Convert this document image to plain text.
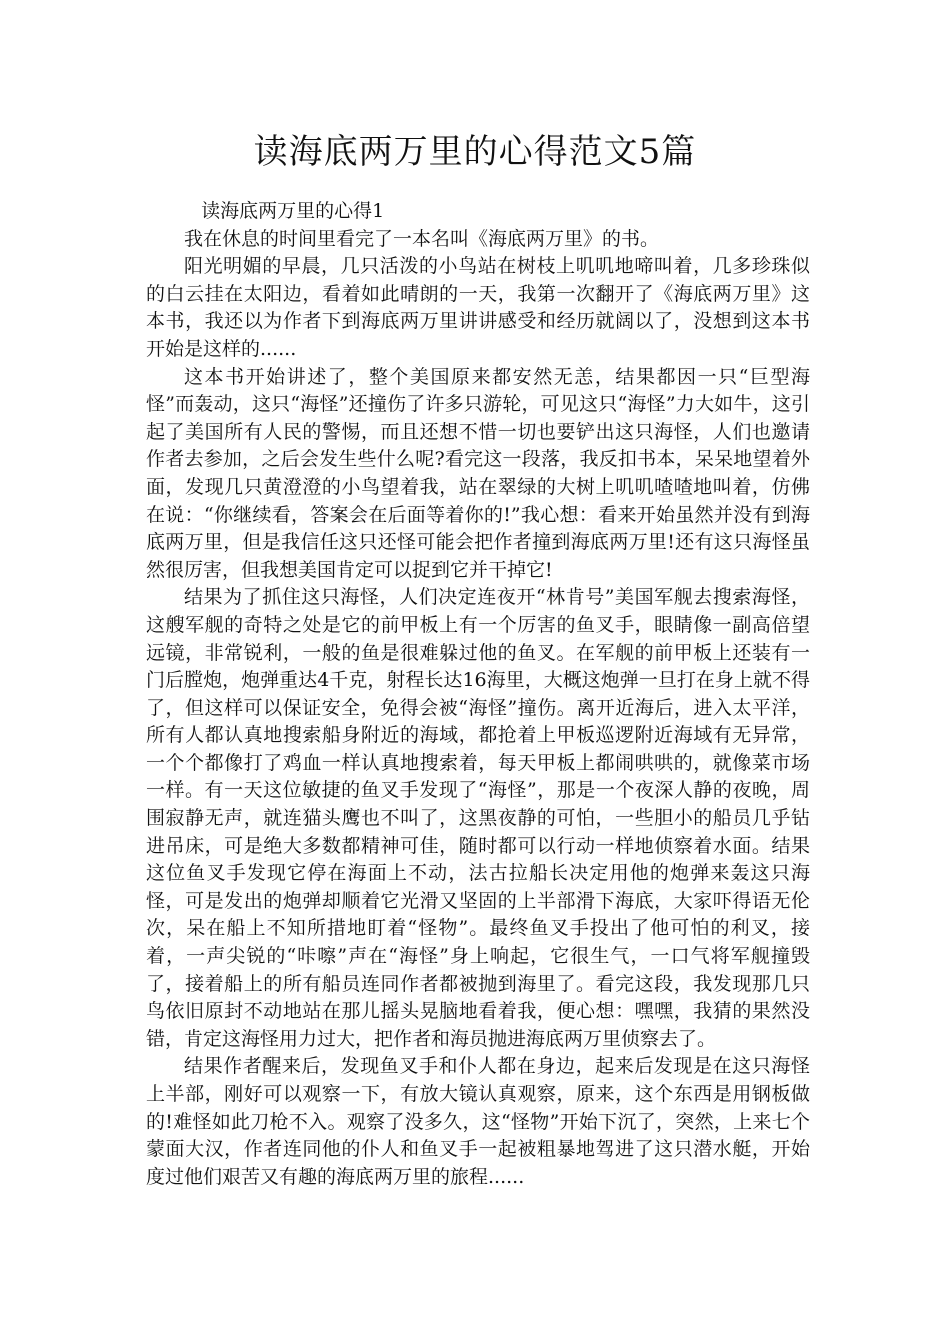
读海底两万里的心得范文5篇

读海底两万里的心得1

我在休息的时间里看完了一本名叫《海底两万里》的书。

阳光明媚的早晨，几只活泼的小鸟站在树枝上叽叽地啼叫着，几多珍珠似的白云挂在太阳边，看着如此晴朗的一天，我第一次翻开了《海底两万里》这本书，我还以为作者下到海底两万里讲讲感受和经历就阔以了，没想到这本书开始是这样的......

这本书开始讲述了，整个美国原来都安然无恙，结果都因一只“巨型海怪”而轰动，这只“海怪”还撞伤了许多只游轮，可见这只“海怪”力大如牛，这引起了美国所有人民的警惕，而且还想不惜一切也要铲出这只海怪，人们也邀请作者去参加，之后会发生些什么呢?看完这一段落，我反扣书本，呆呆地望着外面，发现几只黄澄澄的小鸟望着我，站在翠绿的大树上叽叽喳喳地叫着，仿佛在说：“你继续看，答案会在后面等着你的!”我心想：看来开始虽然并没有到海底两万里，但是我信任这只还怪可能会把作者撞到海底两万里!还有这只海怪虽然很厉害，但我想美国肯定可以捉到它并干掉它!

结果为了抓住这只海怪，人们决定连夜开“林肯号”美国军舰去搜索海怪，这艘军舰的奇特之处是它的前甲板上有一个厉害的鱼叉手，眼睛像一副高倍望远镜，非常锐利，一般的鱼是很难躲过他的鱼叉。在军舰的前甲板上还装有一门后膛炮，炮弹重达4千克，射程长达16海里，大概这炮弹一旦打在身上就不得了，但这样可以保证安全，免得会被“海怪”撞伤。离开近海后，进入太平洋，所有人都认真地搜索船身附近的海域，都抢着上甲板巡逻附近海域有无异常，一个个都像打了鸡血一样认真地搜索着，每天甲板上都闹哄哄的，就像菜市场一样。有一天这位敏捷的鱼叉手发现了“海怪”，那是一个夜深人静的夜晚，周围寂静无声，就连猫头鹰也不叫了，这黑夜静的可怕，一些胆小的船员几乎钻进吊床，可是绝大多数都精神可佳，随时都可以行动一样地侦察着水面。结果这位鱼叉手发现它停在海面上不动，法古拉船长决定用他的炮弹来轰这只海怪，可是发出的炮弹却顺着它光滑又坚固的上半部滑下海底，大家吓得语无伦次，呆在船上不知所措地盯着“怪物”。最终鱼叉手投出了他可怕的利叉，接着，一声尖锐的“咔嚓”声在“海怪”身上响起，它很生气，一口气将军舰撞毁了，接着船上的所有船员连同作者都被抛到海里了。看完这段，我发现那几只鸟依旧原封不动地站在那儿摇头晃脑地看着我，便心想：嘿嘿，我猜的果然没错，肯定这海怪用力过大，把作者和海员抛进海底两万里侦察去了。

结果作者醒来后，发现鱼叉手和仆人都在身边，起来后发现是在这只海怪上半部，刚好可以观察一下，有放大镜认真观察，原来，这个东西是用钢板做的!难怪如此刀枪不入。观察了没多久，这“怪物”开始下沉了，突然，上来七个蒙面大汉，作者连同他的仆人和鱼叉手一起被粗暴地驾进了这只潜水艇，开始度过他们艰苦又有趣的海底两万里的旅程......
